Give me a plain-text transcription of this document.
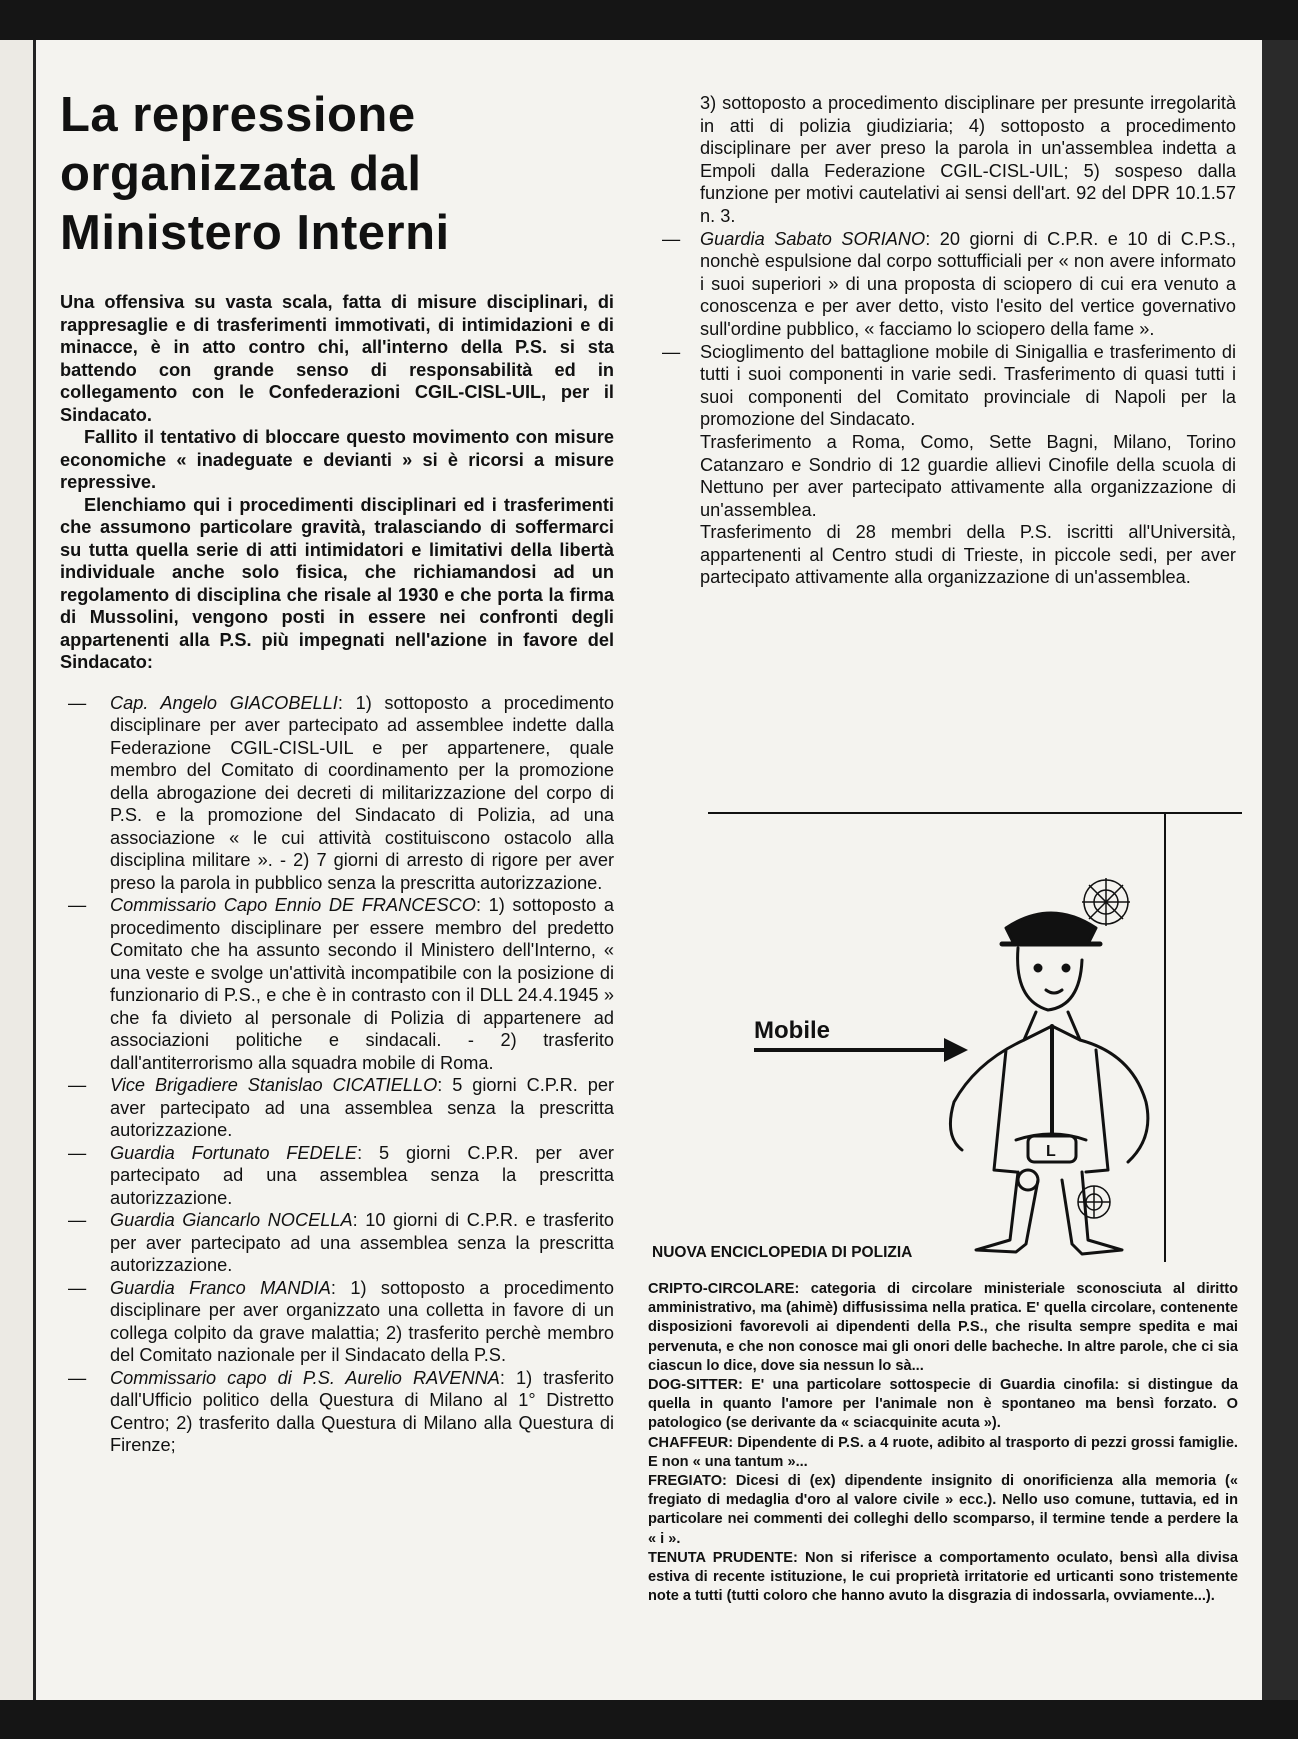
La repressione
organizzata dal
Ministero Interni

Una offensiva su vasta scala, fatta di misure disciplinari, di rappresaglie e di trasferimenti immotivati, di intimidazioni e di minacce, è in atto contro chi, all'interno della P.S. si sta battendo con grande senso di responsabilità ed in collegamento con le Confederazioni CGIL-CISL-UIL, per il Sindacato.

Fallito il tentativo di bloccare questo movimento con misure economiche « inadeguate e devianti » si è ricorsi a misure repressive.

Elenchiamo qui i procedimenti disciplinari ed i trasferimenti che assumono particolare gravità, tralasciando di soffermarci su tutta quella serie di atti intimidatori e limitativi della libertà individuale anche solo fisica, che richiamandosi ad un regolamento di disciplina che risale al 1930 e che porta la firma di Mussolini, vengono posti in essere nei confronti degli appartenenti alla P.S. più impegnati nell'azione in favore del Sindacato:

— Cap. Angelo GIACOBELLI: 1) sottoposto a procedimento disciplinare per aver partecipato ad assemblee indette dalla Federazione CGIL-CISL-UIL e per appartenere, quale membro del Comitato di coordinamento per la promozione della abrogazione dei decreti di militarizzazione del corpo di P.S. e la promozione del Sindacato di Polizia, ad una associazione « le cui attività costituiscono ostacolo alla disciplina militare ». - 2) 7 giorni di arresto di rigore per aver preso la parola in pubblico senza la prescritta autorizzazione.
— Commissario Capo Ennio DE FRANCESCO: 1) sottoposto a procedimento disciplinare per essere membro del predetto Comitato che ha assunto secondo il Ministero dell'Interno, « una veste e svolge un'attività incompatibile con la posizione di funzionario di P.S., e che è in contrasto con il DLL 24.4.1945 » che fa divieto al personale di Polizia di appartenere ad associazioni politiche e sindacali. - 2) trasferito dall'antiterrorismo alla squadra mobile di Roma.
— Vice Brigadiere Stanislao CICATIELLO: 5 giorni C.P.R. per aver partecipato ad una assemblea senza la prescritta autorizzazione.
— Guardia Fortunato FEDELE: 5 giorni C.P.R. per aver partecipato ad una assemblea senza la prescritta autorizzazione.
— Guardia Giancarlo NOCELLA: 10 giorni di C.P.R. e trasferito per aver partecipato ad una assemblea senza la prescritta autorizzazione.
— Guardia Franco MANDIA: 1) sottoposto a procedimento disciplinare per aver organizzato una colletta in favore di un collega colpito da grave malattia; 2) trasferito perchè membro del Comitato nazionale per il Sindacato della P.S.
— Commissario capo di P.S. Aurelio RAVENNA: 1) trasferito dall'Ufficio politico della Questura di Milano al 1° Distretto Centro; 2) trasferito dalla Questura di Milano alla Questura di Firenze;

3) sottoposto a procedimento disciplinare per presunte irregolarità in atti di polizia giudiziaria; 4) sottoposto a procedimento disciplinare per aver preso la parola in un'assemblea indetta a Empoli dalla Federazione CGIL-CISL-UIL; 5) sospeso dalla funzione per motivi cautelativi ai sensi dell'art. 92 del DPR 10.1.57 n. 3.

— Guardia Sabato SORIANO: 20 giorni di C.P.R. e 10 di C.P.S., nonchè espulsione dal corpo sottufficiali per « non avere informato i suoi superiori » di una proposta di sciopero di cui era venuto a conoscenza e per aver detto, visto l'esito del vertice governativo sull'ordine pubblico, « facciamo lo sciopero della fame ».

— Scioglimento del battaglione mobile di Sinigallia e trasferimento di tutti i suoi componenti in varie sedi. Trasferimento di quasi tutti i suoi componenti del Comitato provinciale di Napoli per la promozione del Sindacato.

Trasferimento a Roma, Como, Sette Bagni, Milano, Torino Catanzaro e Sondrio di 12 guardie allievi Cinofile della scuola di Nettuno per aver partecipato attivamente alla organizzazione di un'assemblea.

Trasferimento di 28 membri della P.S. iscritti all'Università, appartenenti al Centro studi di Trieste, in piccole sedi, per aver partecipato attivamente alla organizzazione di un'assemblea.

Mobile
L
NUOVA ENCICLOPEDIA DI POLIZIA

CRIPTO-CIRCOLARE: categoria di circolare ministeriale sconosciuta al diritto amministrativo, ma (ahimè) diffusissima nella pratica. E' quella circolare, contenente disposizioni favorevoli ai dipendenti della P.S., che risulta sempre spedita e mai pervenuta, e che non conosce mai gli onori delle bacheche. In altre parole, che ci sia ciascun lo dice, dove sia nessun lo sà...

DOG-SITTER: E' una particolare sottospecie di Guardia cinofila: si distingue da quella in quanto l'amore per l'animale non è spontaneo ma bensì forzato. O patologico (se derivante da « sciacquinite acuta »).

CHAFFEUR: Dipendente di P.S. a 4 ruote, adibito al trasporto di pezzi grossi famiglie. E non « una tantum »...

FREGIATO: Dicesi di (ex) dipendente insignito di onorificienza alla memoria (« fregiato di medaglia d'oro al valore civile » ecc.). Nello uso comune, tuttavia, ed in particolare nei commenti dei colleghi dello scomparso, il termine tende a perdere la « i ».

TENUTA PRUDENTE: Non si riferisce a comportamento oculato, bensì alla divisa estiva di recente istituzione, le cui proprietà irritatorie ed urticanti sono tristemente note a tutti (tutti coloro che hanno avuto la disgrazia di indossarla, ovviamente...).
